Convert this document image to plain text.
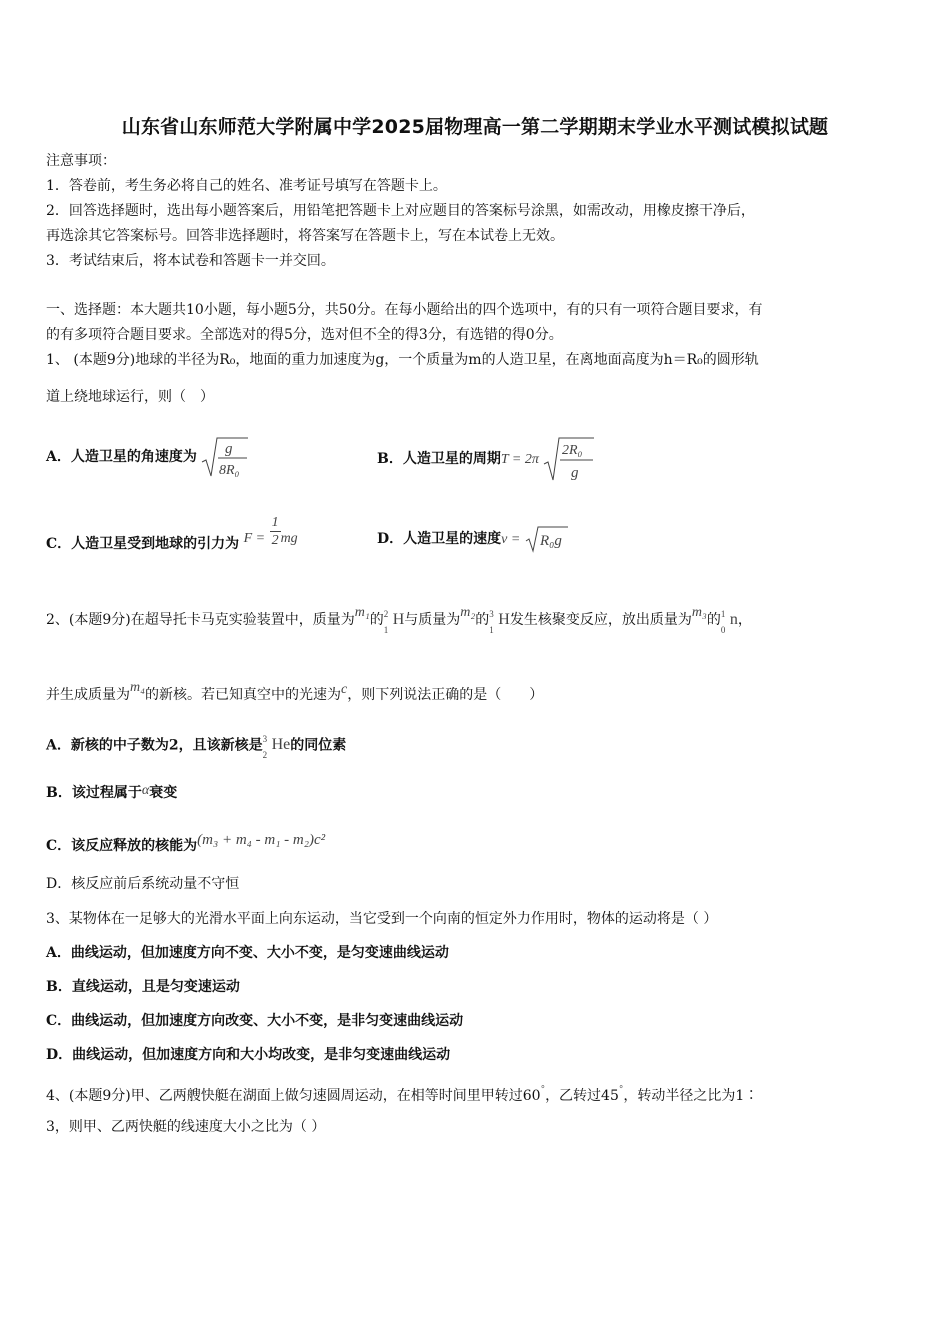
山东省山东师范大学附属中学2025届物理高一第二学期期末学业水平测试模拟试题
注意事项：
1．答卷前，考生务必将自己的姓名、准考证号填写在答题卡上。
2．回答选择题时，选出每小题答案后，用铅笔把答题卡上对应题目的答案标号涂黑，如需改动，用橡皮擦干净后，
再选涂其它答案标号。回答非选择题时，将答案写在答题卡上，写在本试卷上无效。
3．考试结束后，将本试卷和答题卡一并交回。
一、选择题：本大题共10小题，每小题5分，共50分。在每小题给出的四个选项中，有的只有一项符合题目要求，有
的有多项符合题目要求。全部选对的得5分，选对但不全的得3分，有选错的得0分。
1、 (本题9分)地球的半径为R₀，地面的重力加速度为g，一个质量为m的人造卫星，在离地面高度为h＝R₀的圆形轨
道上绕地球运行，则（　）
A．人造卫星的角速度为 g
8R₀
B．人造卫星的周期T = 2π
2R₀
g
C．人造卫星受到地球的引力为 $F = \frac{1}{2}$ mg	D．人造卫星的速度v = R₀g
2、(本题9分)在超导托卡马克实验装置中，质量为m₁的 2
1
H与质量为m₂的 3
1
H发生核聚变反应，放出质量为m₃的 1
0
n，
并生成质量为m₄的新核。若已知真空中的光速为c，则下列说法正确的是（　　）
A．新核的中子数为2，且该新核是 3
2
He的同位素
B．该过程属于α衰变
C．该反应释放的核能为(m₃ + m₄ - m₁ - m₂)c²
D．核反应前后系统动量不守恒
3、某物体在一足够大的光滑水平面上向东运动，当它受到一个向南的恒定外力作用时，物体的运动将是（ ）
A．曲线运动，但加速度方向不变、大小不变，是匀变速曲线运动
B．直线运动，且是匀变速运动
C．曲线运动，但加速度方向改变、大小不变，是非匀变速曲线运动
D．曲线运动，但加速度方向和大小均改变，是非匀变速曲线运动
4、(本题9分)甲、乙两艘快艇在湖面上做匀速圆周运动，在相等时间里甲转过60°，乙转过45°，转动半径之比为1∶
3，则甲、乙两快艇的线速度大小之比为（ ）
